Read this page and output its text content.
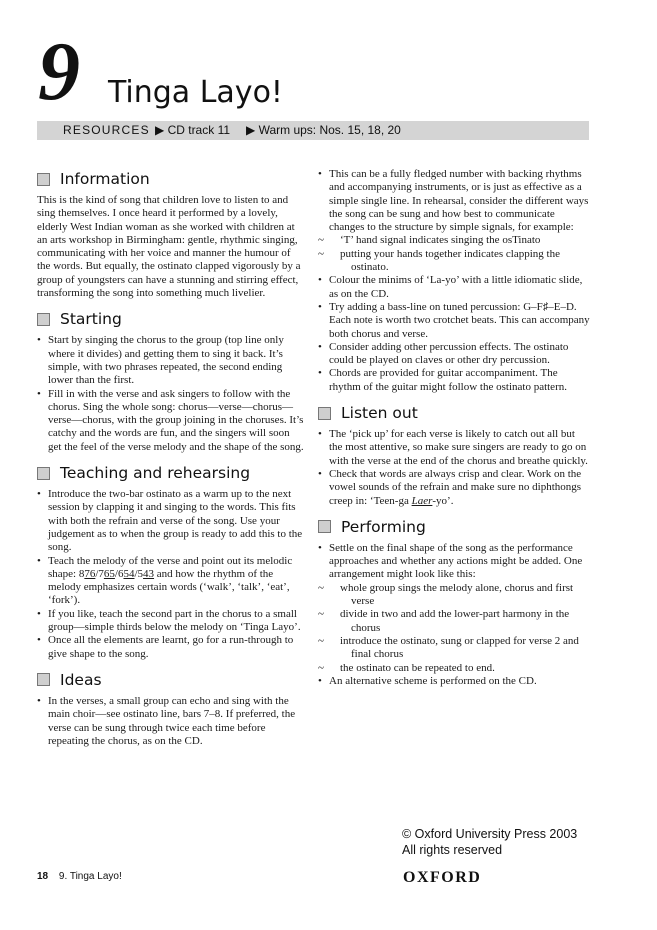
9 Tinga Layo!
RESOURCES ▶ CD track 11 ▶ Warm ups: Nos. 15, 18, 20
Information

This is the kind of song that children love to listen to and sing themselves. I once heard it performed by a lovely, elderly West Indian woman as she worked with children at an arts workshop in Birmingham: gentle, rhythmic singing, communicating with her voice and manner the humour of the words. But equally, the ostinato clapped vigorously by a group of youngsters can have a stunning and stirring effect, transforming the song into something much livelier.

Starting
• Start by singing the chorus to the group (top line only where it divides) and getting them to sing it back. It’s simple, with two phrases repeated, the second ending lower than the first.
• Fill in with the verse and ask singers to follow with the chorus. Sing the whole song: chorus—verse—chorus—verse—chorus, with the group joining in the choruses. It’s catchy and the words are fun, and the singers will soon get the feel of the verse melody and the shape of the song.
Teaching and rehearsing
• Introduce the two-bar ostinato as a warm up to the next session by clapping it and singing to the words. This fits with both the refrain and verse of the song. Use your judgement as to when the group is ready to add this to the song.
• Teach the melody of the verse and point out its melodic shape: 876/765/654/543 and how the rhythm of the melody emphasizes certain words (‘walk’, ‘talk’, ‘eat’, ‘fork’).
• If you like, teach the second part in the chorus to a small group—simple thirds below the melody on ‘Tinga Layo’.
• Once all the elements are learnt, go for a run-through to give shape to the song.
Ideas
• In the verses, a small group can echo and sing with the main choir—see ostinato line, bars 7–8. If preferred, the verse can be sung through twice each time before repeating the chorus, as on the CD.
• This can be a fully fledged number with backing rhythms and accompanying instruments, or is just as effective as a simple single line. In rehearsal, consider the different ways the song can be sung and how best to communicate changes to the structure by simple signals, for example:
~ ‘T’ hand signal indicates singing the osTinato
~ putting your hands together indicates clapping the ostinato.
• Colour the minims of ‘La-yo’ with a little idiomatic slide, as on the CD.
• Try adding a bass-line on tuned percussion: G–F♯–E–D. Each note is worth two crotchet beats. This can accompany both chorus and verse.
• Consider adding other percussion effects. The ostinato could be played on claves or other dry percussion.
• Chords are provided for guitar accompaniment. The rhythm of the guitar might follow the ostinato pattern.
Listen out
• The ‘pick up’ for each verse is likely to catch out all but the most attentive, so make sure singers are ready to go on with the verse at the end of the chorus and breathe quickly.
• Check that words are always crisp and clear. Work on the vowel sounds of the refrain and make sure no diphthongs creep in: ‘Teen-ga Laer-yo’.
Performing
• Settle on the final shape of the song as the performance approaches and whether any actions might be added. One arrangement might look like this:
~ whole group sings the melody alone, chorus and first verse
~ divide in two and add the lower-part harmony in the chorus
~ introduce the ostinato, sung or clapped for verse 2 and final chorus
~ the ostinato can be repeated to end.
• An alternative scheme is performed on the CD.
© Oxford University Press 2003
All rights reserved
18 9. Tinga Layo!	OXFORD
